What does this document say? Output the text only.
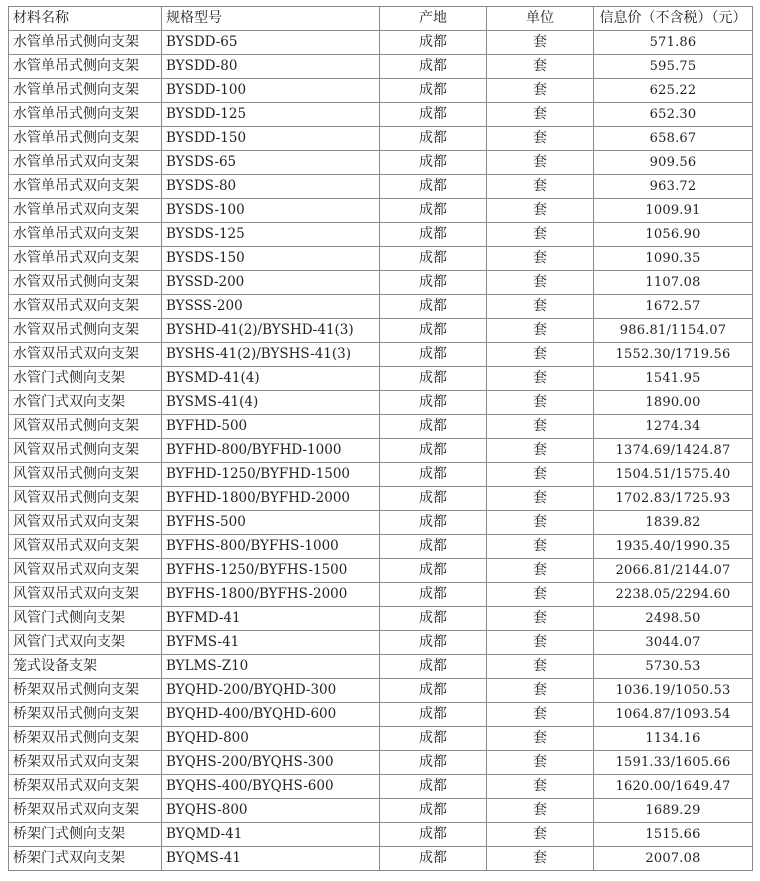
材料名称	规格型号	产地	单位	信息价（不含税）（元）
水管单吊式侧向支架	BYSDD-65	成都	套	571.86
水管单吊式侧向支架	BYSDD-80	成都	套	595.75
水管单吊式侧向支架	BYSDD-100	成都	套	625.22
水管单吊式侧向支架	BYSDD-125	成都	套	652.30
水管单吊式侧向支架	BYSDD-150	成都	套	658.67
水管单吊式双向支架	BYSDS-65	成都	套	909.56
水管单吊式双向支架	BYSDS-80	成都	套	963.72
水管单吊式双向支架	BYSDS-100	成都	套	1009.91
水管单吊式双向支架	BYSDS-125	成都	套	1056.90
水管单吊式双向支架	BYSDS-150	成都	套	1090.35
水管双吊式侧向支架	BYSSD-200	成都	套	1107.08
水管双吊式双向支架	BYSSS-200	成都	套	1672.57
水管双吊式侧向支架	BYSHD-41(2)/BYSHD-41(3)	成都	套	986.81/1154.07
水管双吊式双向支架	BYSHS-41(2)/BYSHS-41(3)	成都	套	1552.30/1719.56
水管门式侧向支架	BYSMD-41(4)	成都	套	1541.95
水管门式双向支架	BYSMS-41(4)	成都	套	1890.00
风管双吊式侧向支架	BYFHD-500	成都	套	1274.34
风管双吊式侧向支架	BYFHD-800/BYFHD-1000	成都	套	1374.69/1424.87
风管双吊式侧向支架	BYFHD-1250/BYFHD-1500	成都	套	1504.51/1575.40
风管双吊式侧向支架	BYFHD-1800/BYFHD-2000	成都	套	1702.83/1725.93
风管双吊式双向支架	BYFHS-500	成都	套	1839.82
风管双吊式双向支架	BYFHS-800/BYFHS-1000	成都	套	1935.40/1990.35
风管双吊式双向支架	BYFHS-1250/BYFHS-1500	成都	套	2066.81/2144.07
风管双吊式双向支架	BYFHS-1800/BYFHS-2000	成都	套	2238.05/2294.60
风管门式侧向支架	BYFMD-41	成都	套	2498.50
风管门式双向支架	BYFMS-41	成都	套	3044.07
笼式设备支架	BYLMS-Z10	成都	套	5730.53
桥架双吊式侧向支架	BYQHD-200/BYQHD-300	成都	套	1036.19/1050.53
桥架双吊式侧向支架	BYQHD-400/BYQHD-600	成都	套	1064.87/1093.54
桥架双吊式侧向支架	BYQHD-800	成都	套	1134.16
桥架双吊式双向支架	BYQHS-200/BYQHS-300	成都	套	1591.33/1605.66
桥架双吊式双向支架	BYQHS-400/BYQHS-600	成都	套	1620.00/1649.47
桥架双吊式双向支架	BYQHS-800	成都	套	1689.29
桥架门式侧向支架	BYQMD-41	成都	套	1515.66
桥架门式双向支架	BYQMS-41	成都	套	2007.08
